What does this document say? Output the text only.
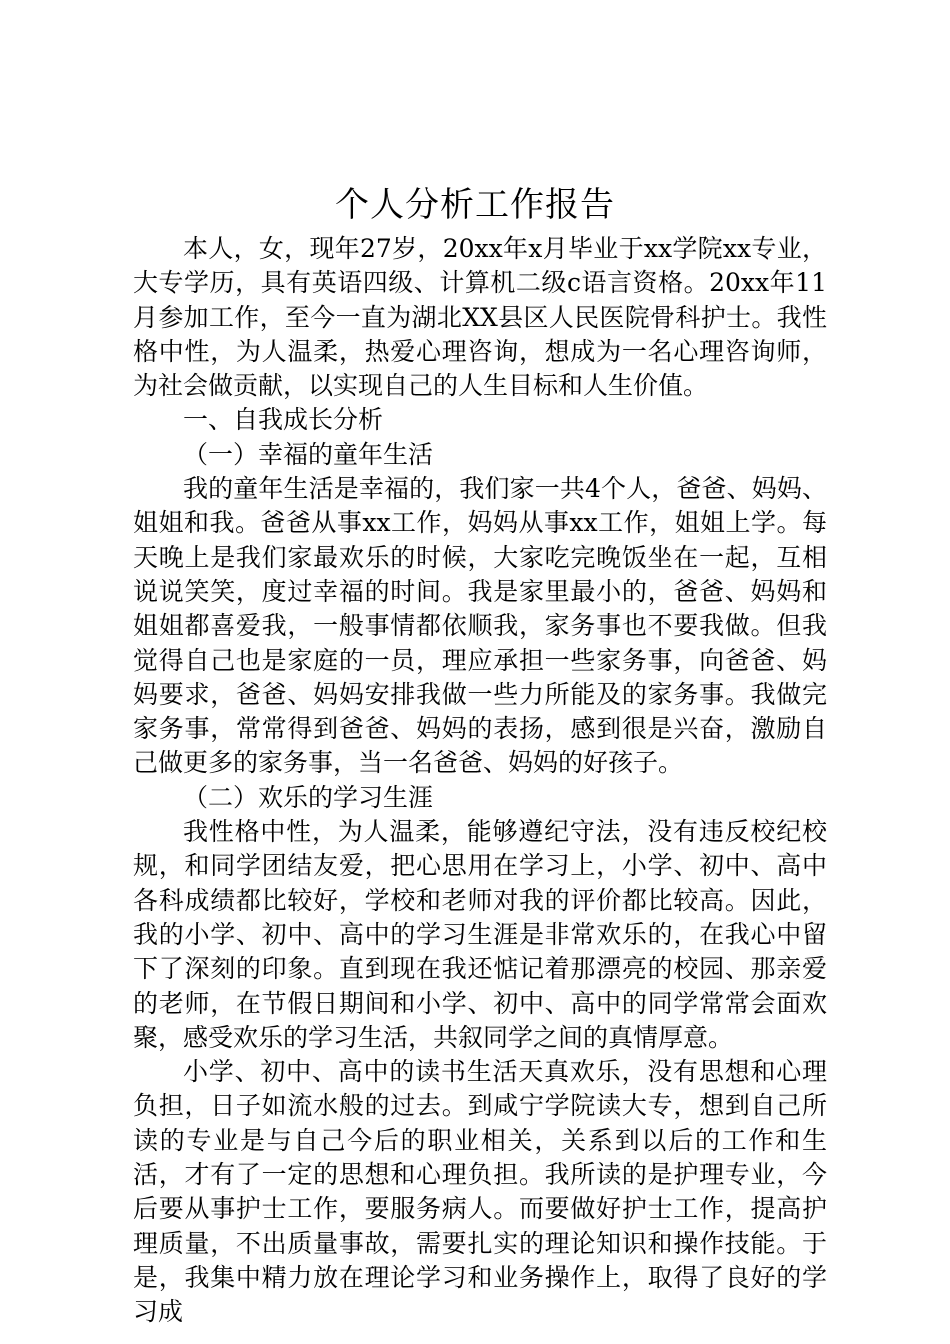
个人分析工作报告

本人，女，现年27岁，20xx年x月毕业于xx学院xx专业，大专学历，具有英语四级、计算机二级c语言资格。20xx年11月参加工作，至今一直为湖北XX县区人民医院骨科护士。我性格中性，为人温柔，热爱心理咨询，想成为一名心理咨询师，为社会做贡献，以实现自己的人生目标和人生价值。

一、自我成长分析

（一）幸福的童年生活

我的童年生活是幸福的，我们家一共4个人，爸爸、妈妈、姐姐和我。爸爸从事xx工作，妈妈从事xx工作，姐姐上学。每天晚上是我们家最欢乐的时候，大家吃完晚饭坐在一起，互相说说笑笑，度过幸福的时间。我是家里最小的，爸爸、妈妈和姐姐都喜爱我，一般事情都依顺我，家务事也不要我做。但我觉得自己也是家庭的一员，理应承担一些家务事，向爸爸、妈妈要求，爸爸、妈妈安排我做一些力所能及的家务事。我做完家务事，常常得到爸爸、妈妈的表扬，感到很是兴奋，激励自己做更多的家务事，当一名爸爸、妈妈的好孩子。

（二）欢乐的学习生涯

我性格中性，为人温柔，能够遵纪守法，没有违反校纪校规，和同学团结友爱，把心思用在学习上，小学、初中、高中各科成绩都比较好，学校和老师对我的评价都比较高。因此，我的小学、初中、高中的学习生涯是非常欢乐的，在我心中留下了深刻的印象。直到现在我还惦记着那漂亮的校园、那亲爱的老师，在节假日期间和小学、初中、高中的同学常常会面欢聚，感受欢乐的学习生活，共叙同学之间的真情厚意。

小学、初中、高中的读书生活天真欢乐，没有思想和心理负担，日子如流水般的过去。到咸宁学院读大专，想到自己所读的专业是与自己今后的职业相关，关系到以后的工作和生活，才有了一定的思想和心理负担。我所读的是护理专业，今后要从事护士工作，要服务病人。而要做好护士工作，提高护理质量，不出质量事故，需要扎实的理论知识和操作技能。于是，我集中精力放在理论学习和业务操作上，取得了良好的学习成
